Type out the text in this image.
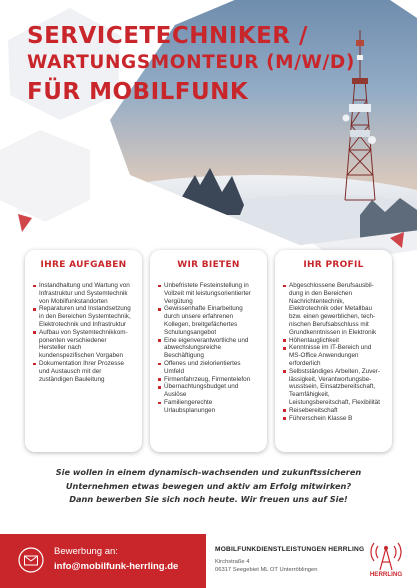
SERVICETECHNIKER /
WARTUNGSMONTEUR (M/W/D)
FÜR MOBILFUNK
IHRE AUFGABEN
Instandhaltung und Wartung von Infrastruktur und Systemtechnik von Mobilfunkstandorten
Reparaturen und Instandsetzung in den Bereichen Systemtechnik, Elektrotechnik und Infrastruktur
Aufbau von Systemtechnikkom-ponenten verschiedener Hersteller nach kundenspezifischen Vorgaben
Dokumentation Ihrer Prozesse und Austausch mit der zuständigen Bauleitung
WIR BIETEN
Unbefristete Festeinstellung in Vollzeit mit leistungsorientierter Vergütung
Gewissenhafte Einarbeitung durch unsere erfahrenen Kollegen, breitgefächertes Schulungsangebot
Eine eigenverantwortliche und abwechslungsreiche Beschäftigung
Offenes und zielorientiertes Umfeld
Firmenfahrzeug, Firmentelefon
Übernachtungsbudget und Auslöse
Familiengerechte Urlaubsplanungen
IHR PROFIL
Abgeschlossene Berufsausbil-dung in den Bereichen Nachrichtentechnik, Elektrotechnik oder Metallbau bzw. einen gewerblichen, tech-nischen Berufsabschluss mit Grundkenntnissen in Elektronik
Höhentauglichkeit
Kenntnisse im IT-Bereich und MS-Office Anwendungen erforderlich
Selbstständiges Arbeiten, Zuver-lässigkeit, Verantwortungsbe-wusstsein, Einsatzbereitschaft, Teamfähigkeit, Leistungsbereitschaft, Flexibilität
Reisebereitschaft
Führerschein Klasse B
Sie wollen in einem dynamisch-wachsenden und zukunftssicheren
Unternehmen etwas bewegen und aktiv am Erfolg mitwirken?
Dann bewerben Sie sich noch heute. Wir freuen uns auf Sie!
Bewerbung an:
info@mobilfunk-herrling.de
MOBILFUNKDIENSTLEISTUNGEN HERRLING
Kirchstraße 4
06317 Seegebiet ML OT Unterröblingen
HERRLING
